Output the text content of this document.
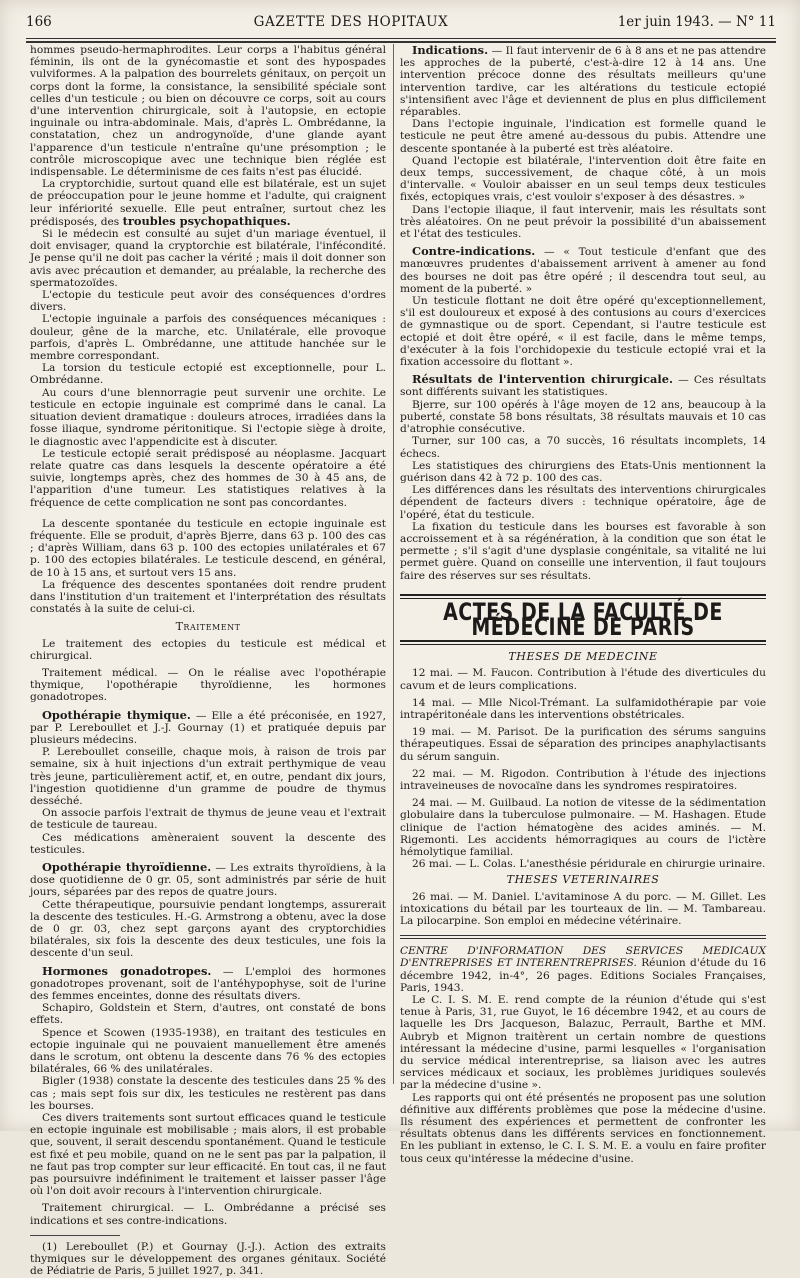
166	GAZETTE DES HOPITAUX	1er juin 1943. — N° 11

hommes pseudo-hermaphrodites. Leur corps a l'habitus général féminin, ils ont de la gynécomastie et sont des hypospades vulviformes. A la palpation des bourrelets génitaux, on perçoit un corps dont la forme, la consistance, la sensibilité spéciale sont celles d'un testicule ; ou bien on découvre ce corps, soit au cours d'une intervention chirurgicale, soit à l'autopsie, en ectopie inguinale ou intra-abdominale. Mais, d'après L. Ombrédanne, la constatation, chez un androgynoïde, d'une glande ayant l'apparence d'un testicule n'entraîne qu'une présomption ; le contrôle microscopique avec une technique bien réglée est indispensable. Le déterminisme de ces faits n'est pas élucidé.

La cryptorchidie, surtout quand elle est bilatérale, est un sujet de préoccupation pour le jeune homme et l'adulte, qui craignent leur infériorité sexuelle. Elle peut entraîner, surtout chez les prédisposés, des troubles psychopathiques.

Si le médecin est consulté au sujet d'un mariage éventuel, il doit envisager, quand la cryptorchie est bilatérale, l'infécondité. Je pense qu'il ne doit pas cacher la vérité ; mais il doit donner son avis avec précaution et demander, au préalable, la recherche des spermatozoïdes.

L'ectopie du testicule peut avoir des conséquences d'ordres divers.

L'ectopie inguinale a parfois des conséquences mécaniques : douleur, gêne de la marche, etc. Unilatérale, elle provoque parfois, d'après L. Ombrédanne, une attitude hanchée sur le membre correspondant.

La torsion du testicule ectopié est exceptionnelle, pour L. Ombrédanne.

Au cours d'une blennorragie peut survenir une orchite. Le testicule en ectopie inguinale est comprimé dans le canal. La situation devient dramatique : douleurs atroces, irradiées dans la fosse iliaque, syndrome péritonitique. Si l'ectopie siège à droite, le diagnostic avec l'appendicite est à discuter.

Le testicule ectopié serait prédisposé au néoplasme. Jacquart relate quatre cas dans lesquels la descente opératoire a été suivie, longtemps après, chez des hommes de 30 à 45 ans, de l'apparition d'une tumeur. Les statistiques relatives à la fréquence de cette complication ne sont pas concordantes.

La descente spontanée du testicule en ectopie inguinale est fréquente. Elle se produit, d'après Bjerre, dans 63 p. 100 des cas ; d'après William, dans 63 p. 100 des ectopies unilatérales et 67 p. 100 des ectopies bilatérales. Le testicule descend, en général, de 10 à 15 ans, et surtout vers 15 ans.

La fréquence des descentes spontanées doit rendre prudent dans l'institution d'un traitement et l'interprétation des résultats constatés à la suite de celui-ci.

Traitement

Le traitement des ectopies du testicule est médical et chirurgical.

Traitement médical. — On le réalise avec l'opothérapie thymique, l'opothérapie thyroïdienne, les hormones gonadotropes.

Opothérapie thymique. — Elle a été préconisée, en 1927, par P. Lereboullet et J.-J. Gournay (1) et pratiquée depuis par plusieurs médecins.

P. Lereboullet conseille, chaque mois, à raison de trois par semaine, six à huit injections d'un extrait perthymique de veau très jeune, particulièrement actif, et, en outre, pendant dix jours, l'ingestion quotidienne d'un gramme de poudre de thymus desséché.

On associe parfois l'extrait de thymus de jeune veau et l'extrait de testicule de taureau.

Ces médications amèneraient souvent la descente des testicules.

Opothérapie thyroïdienne. — Les extraits thyroïdiens, à la dose quotidienne de 0 gr. 05, sont administrés par série de huit jours, séparées par des repos de quatre jours.

Cette thérapeutique, poursuivie pendant longtemps, assurerait la descente des testicules. H.-G. Armstrong a obtenu, avec la dose de 0 gr. 03, chez sept garçons ayant des cryptorchidies bilatérales, six fois la descente des deux testicules, une fois la descente d'un seul.

Hormones gonadotropes. — L'emploi des hormones gonadotropes provenant, soit de l'antéhypophyse, soit de l'urine des femmes enceintes, donne des résultats divers.

Schapiro, Goldstein et Stern, d'autres, ont constaté de bons effets.

Spence et Scowen (1935-1938), en traitant des testicules en ectopie inguinale qui ne pouvaient manuellement être amenés dans le scrotum, ont obtenu la descente dans 76 % des ectopies bilatérales, 66 % des unilatérales.

Bigler (1938) constate la descente des testicules dans 25 % des cas ; mais sept fois sur dix, les testicules ne restèrent pas dans les bourses.

Ces divers traitements sont surtout efficaces quand le testicule en ectopie inguinale est mobilisable ; mais alors, il est probable que, souvent, il serait descendu spontanément. Quand le testicule est fixé et peu mobile, quand on ne le sent pas par la palpation, il ne faut pas trop compter sur leur efficacité. En tout cas, il ne faut pas poursuivre indéfiniment le traitement et laisser passer l'âge où l'on doit avoir recours à l'intervention chirurgicale.

Traitement chirurgical. — L. Ombrédanne a précisé ses indications et ses contre-indications.

(1) Lereboullet (P.) et Gournay (J.-J.). Action des extraits thymiques sur le développement des organes génitaux. Société de Pédiatrie de Paris, 5 juillet 1927, p. 341.

Indications. — Il faut intervenir de 6 à 8 ans et ne pas attendre les approches de la puberté, c'est-à-dire 12 à 14 ans. Une intervention précoce donne des résultats meilleurs qu'une intervention tardive, car les altérations du testicule ectopié s'intensifient avec l'âge et deviennent de plus en plus difficilement réparables.

Dans l'ectopie inguinale, l'indication est formelle quand le testicule ne peut être amené au-dessous du pubis. Attendre une descente spontanée à la puberté est très aléatoire.

Quand l'ectopie est bilatérale, l'intervention doit être faite en deux temps, successivement, de chaque côté, à un mois d'intervalle. « Vouloir abaisser en un seul temps deux testicules fixés, ectopiques vrais, c'est vouloir s'exposer à des désastres. »

Dans l'ectopie iliaque, il faut intervenir, mais les résultats sont très aléatoires. On ne peut prévoir la possibilité d'un abaissement et l'état des testicules.

Contre-indications. — « Tout testicule d'enfant que des manœuvres prudentes d'abaissement arrivent à amener au fond des bourses ne doit pas être opéré ; il descendra tout seul, au moment de la puberté. »

Un testicule flottant ne doit être opéré qu'exceptionnellement, s'il est douloureux et exposé à des contusions au cours d'exercices de gymnastique ou de sport. Cependant, si l'autre testicule est ectopié et doit être opéré, « il est facile, dans le même temps, d'exécuter à la fois l'orchidopexie du testicule ectopié vrai et la fixation accessoire du flottant ».

Résultats de l'intervention chirurgicale. — Ces résultats sont différents suivant les statistiques.

Bjerre, sur 100 opérés à l'âge moyen de 12 ans, beaucoup à la puberté, constate 58 bons résultats, 38 résultats mauvais et 10 cas d'atrophie consécutive.

Turner, sur 100 cas, a 70 succès, 16 résultats incomplets, 14 échecs.

Les statistiques des chirurgiens des Etats-Unis mentionnent la guérison dans 42 à 72 p. 100 des cas.

Les différences dans les résultats des interventions chirurgicales dépendent de facteurs divers : technique opératoire, âge de l'opéré, état du testicule.

La fixation du testicule dans les bourses est favorable à son accroissement et à sa régénération, à la condition que son état le permette ; s'il s'agit d'une dysplasie congénitale, sa vitalité ne lui permet guère. Quand on conseille une intervention, il faut toujours faire des réserves sur ses résultats.

ACTES DE LA FACULTÉ DE MÉDECINE DE PARIS
THESES DE MEDECINE

12 mai. — M. Faucon. Contribution à l'étude des diverticules du cavum et de leurs complications.

14 mai. — Mlle Nicol-Trémant. La sulfamidothérapie par voie intrapéritonéale dans les interventions obstétricales.

19 mai. — M. Parisot. De la purification des sérums sanguins thérapeutiques. Essai de séparation des principes anaphylactisants du sérum sanguin.

22 mai. — M. Rigodon. Contribution à l'étude des injections intraveineuses de novocaïne dans les syndromes respiratoires.

24 mai. — M. Guilbaud. La notion de vitesse de la sédimentation globulaire dans la tuberculose pulmonaire. — M. Hashagen. Etude clinique de l'action hématogène des acides aminés. — M. Rigemonti. Les accidents hémorragiques au cours de l'ictère hémolytique familial.

26 mai. — L. Colas. L'anesthésie péridurale en chirurgie urinaire.

THESES VETERINAIRES

26 mai. — M. Daniel. L'avitaminose A du porc. — M. Gillet. Les intoxications du bétail par les tourteaux de lin. — M. Tambareau. La pilocarpine. Son emploi en médecine vétérinaire.

CENTRE D'INFORMATION DES SERVICES MEDICAUX D'ENTREPRISES ET INTERENTREPRISES. Réunion d'étude du 16 décembre 1942, in-4°, 26 pages. Editions Sociales Françaises, Paris, 1943.

Le C. I. S. M. E. rend compte de la réunion d'étude qui s'est tenue à Paris, 31, rue Guyot, le 16 décembre 1942, et au cours de laquelle les Drs Jacqueson, Balazuc, Perrault, Barthe et MM. Aubryb et Mignon traitèrent un certain nombre de questions intéressant la médecine d'usine, parmi lesquelles « l'organisation du service médical interentreprise, sa liaison avec les autres services médicaux et sociaux, les problèmes juridiques soulevés par la médecine d'usine ».

Les rapports qui ont été présentés ne proposent pas une solution définitive aux différents problèmes que pose la médecine d'usine. Ils résument des expériences et permettent de confronter les résultats obtenus dans les différents services en fonctionnement. En les publiant in extenso, le C. I. S. M. E. a voulu en faire profiter tous ceux qu'intéresse la médecine d'usine.
